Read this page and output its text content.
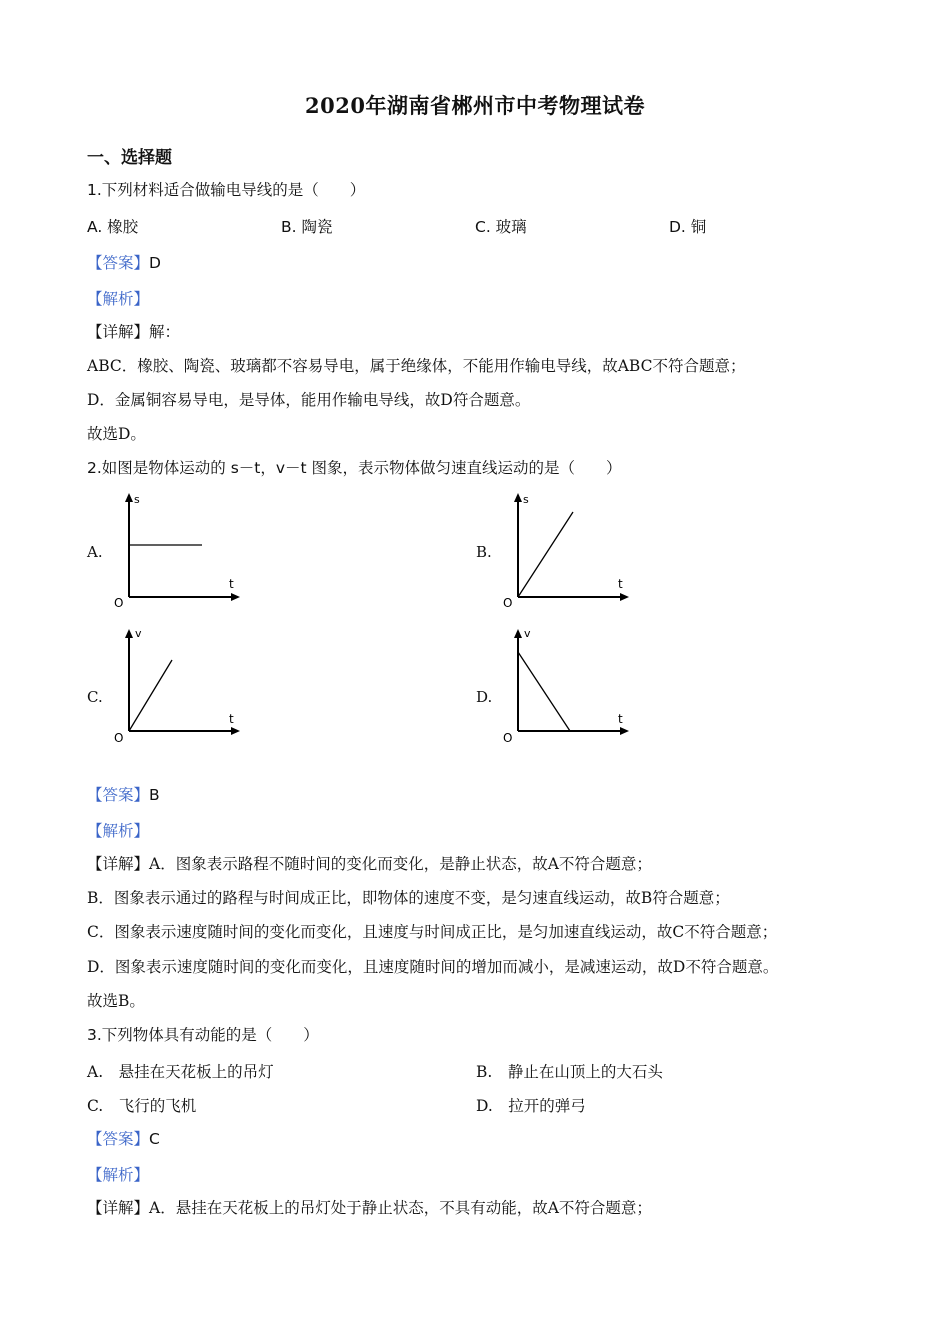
2020年湖南省郴州市中考物理试卷
一、选择题
1.下列材料适合做输电导线的是（　　）
A. 橡胶	B. 陶瓷	C. 玻璃	D. 铜
【答案】D
【解析】
【详解】解：
ABC．橡胶、陶瓷、玻璃都不容易导电，属于绝缘体，不能用作输电导线，故ABC不符合题意；
D．金属铜容易导电，是导体，能用作输电导线，故D符合题意。
故选D。
2.如图是物体运动的 s－t，v－t 图象，表示物体做匀速直线运动的是（　　）
A.
s
t
O
B.
s
t
O
C.
v
t
O
D.
v
t
O
【答案】B
【解析】
【详解】A．图象表示路程不随时间的变化而变化，是静止状态，故A不符合题意；
B．图象表示通过的路程与时间成正比，即物体的速度不变，是匀速直线运动，故B符合题意；
C．图象表示速度随时间的变化而变化，且速度与时间成正比，是匀加速直线运动，故C不符合题意；
D．图象表示速度随时间的变化而变化，且速度随时间的增加而减小，是减速运动，故D不符合题意。
故选B。
3.下列物体具有动能的是（　　）
A.　悬挂在天花板上的吊灯	B.　静止在山顶上的大石头
C.　飞行的飞机	D.　拉开的弹弓
【答案】C
【解析】
【详解】A．悬挂在天花板上的吊灯处于静止状态，不具有动能，故A不符合题意；
